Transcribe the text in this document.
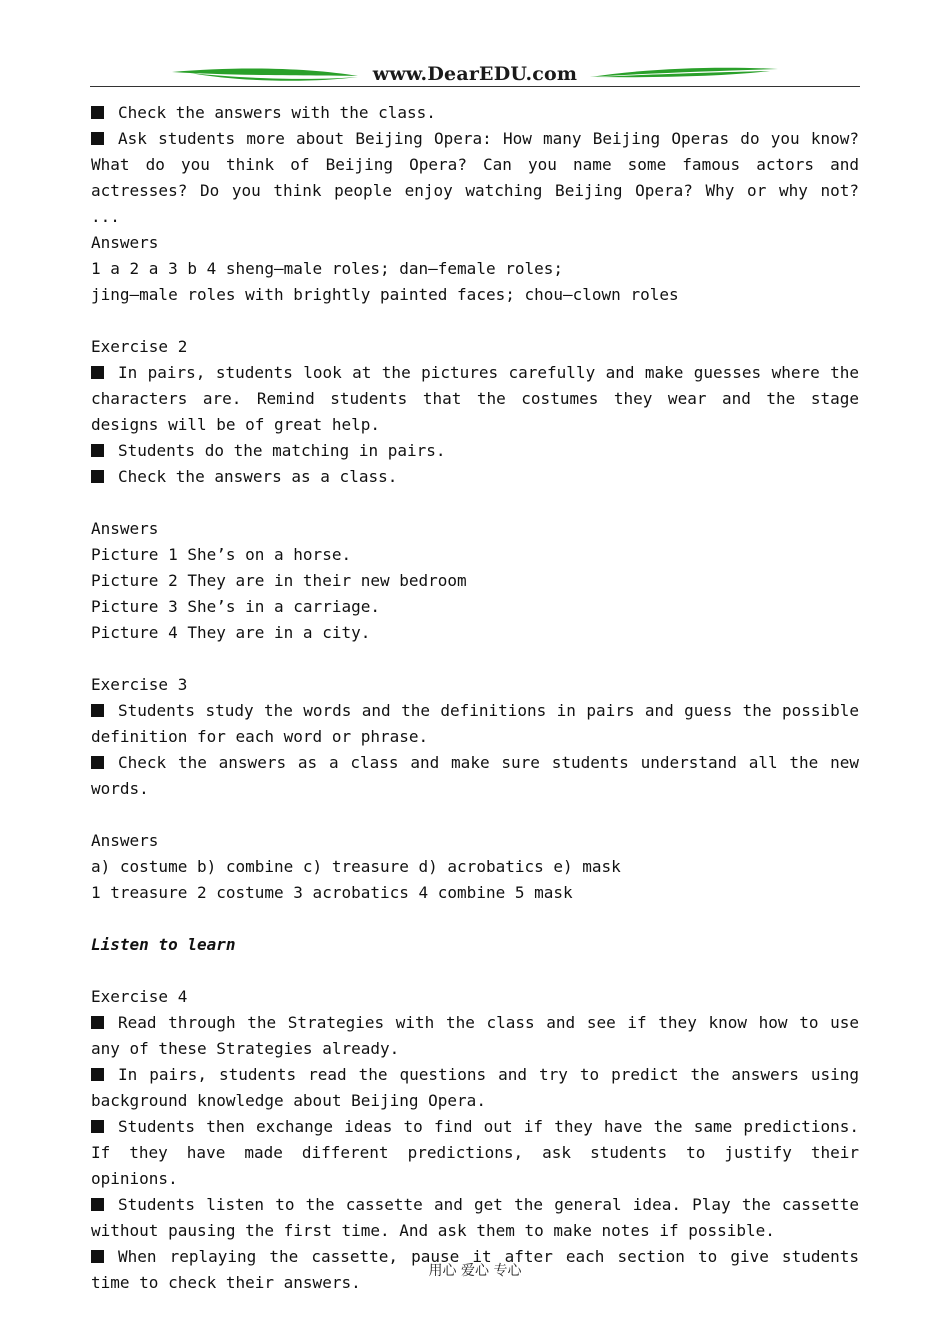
www.DearEDU.com

Check the answers with the class.

Ask students more about Beijing Opera: How many Beijing Operas do you know? What do you think of Beijing Opera? Can you name some famous actors and actresses? Do you think people enjoy watching Beijing Opera? Why or why not? ...

Answers

1 a 2 a 3 b 4 sheng—male roles; dan—female roles;

jing—male roles with brightly painted faces; chou—clown roles

Exercise 2

In pairs, students look at the pictures carefully and make guesses where the characters are. Remind students that the costumes they wear and the stage designs will be of great help.

Students do the matching in pairs.

Check the answers as a class.

Answers

Picture 1 She’s on a horse.

Picture 2 They are in their new bedroom

Picture 3 She’s in a carriage.

Picture 4 They are in a city.

Exercise 3

Students study the words and the definitions in pairs and guess the possible definition for each word or phrase.

Check the answers as a class and make sure students understand all the new words.

Answers

a) costume b) combine c) treasure d) acrobatics e) mask

1 treasure 2 costume 3 acrobatics 4 combine 5 mask

Listen to learn

Exercise 4

Read through the Strategies with the class and see if they know how to use any of these Strategies already.

In pairs, students read the questions and try to predict the answers using background knowledge about Beijing Opera.

Students then exchange ideas to find out if they have the same predictions. If they have made different predictions, ask students to justify their opinions.

Students listen to the cassette and get the general idea. Play the cassette without pausing the first time. And ask them to make notes if possible.

When replaying the cassette, pause it after each section to give students time to check their answers.

用心 爱心 专心
